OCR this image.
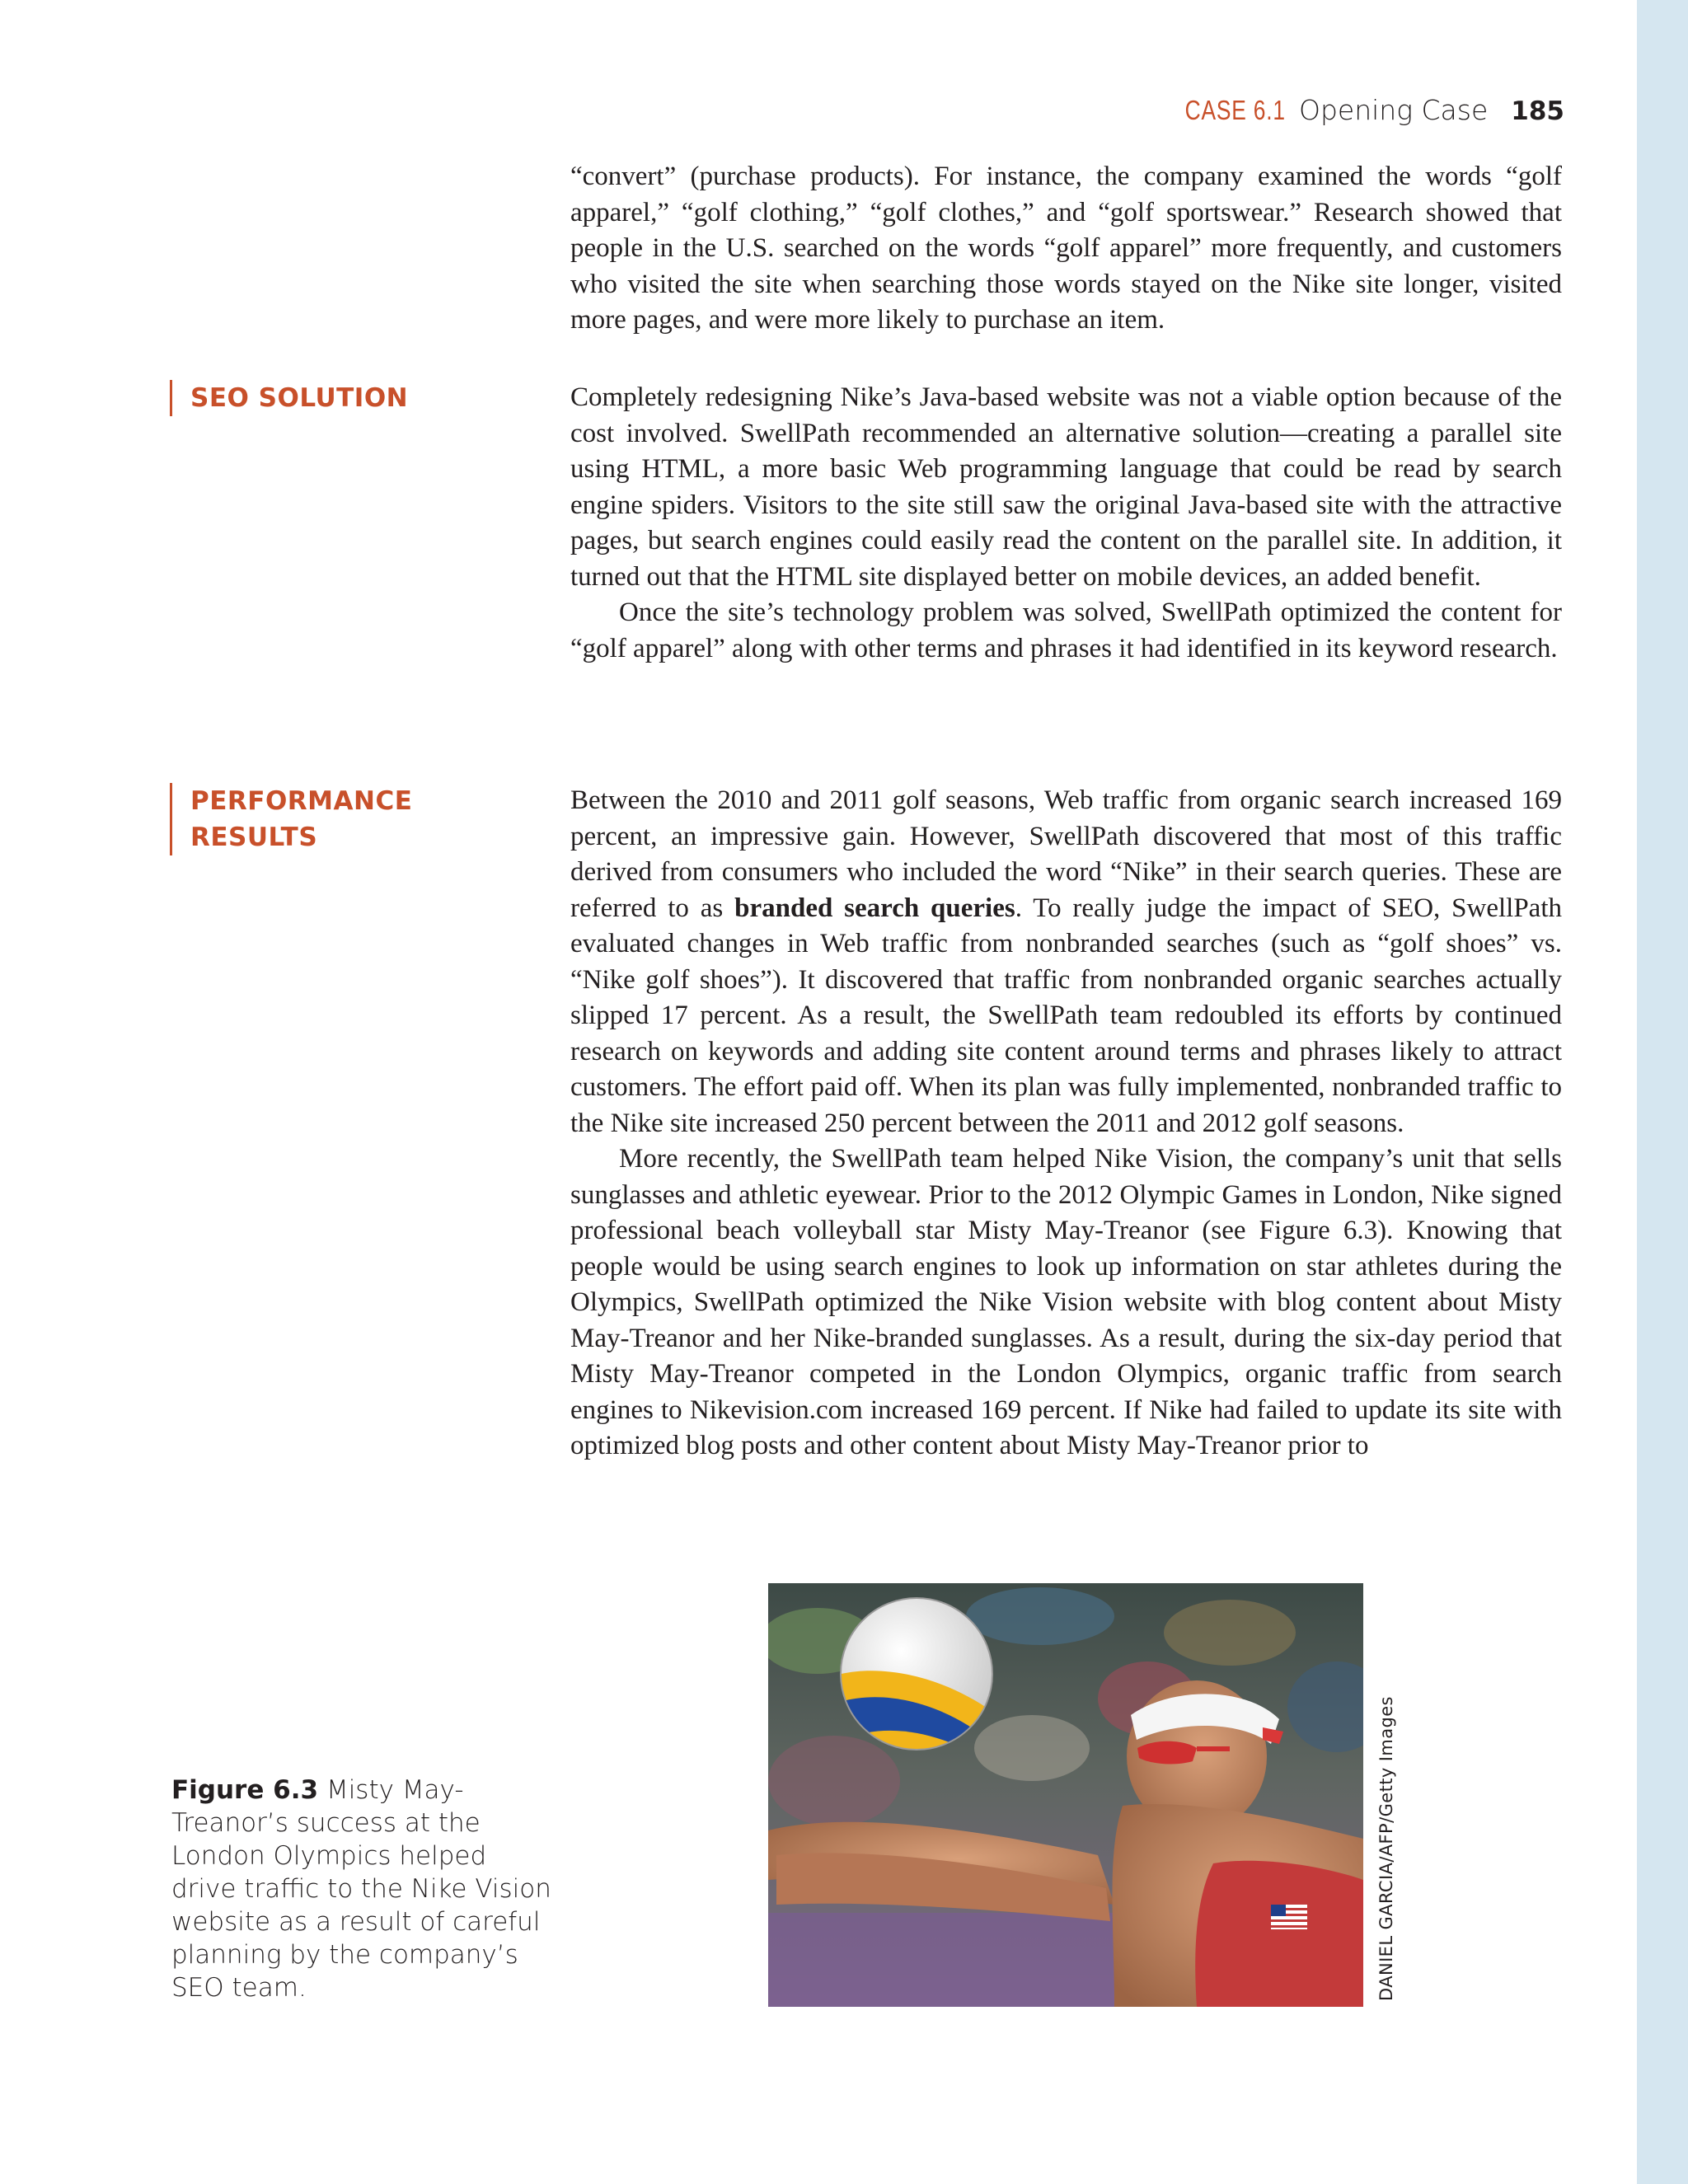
CASE 6.1 Opening Case 185

“convert” (purchase products). For instance, the company examined the words “golf apparel,” “golf clothing,” “golf clothes,” and “golf sportswear.” Research showed that people in the U.S. searched on the words “golf apparel” more frequently, and customers who visited the site when searching those words stayed on the Nike site longer, visited more pages, and were more likely to purchase an item.

SEO SOLUTION	Completely redesigning Nike’s Java-based website was not a viable option because of the cost involved. SwellPath recommended an alternative solution—creating a parallel site using HTML, a more basic Web programming language that could be read by search engine spiders. Visitors to the site still saw the original Java-based site with the attractive pages, but search engines could easily read the content on the parallel site. In addition, it turned out that the HTML site displayed better on mobile devices, an added benefit.

Once the site’s technology problem was solved, SwellPath optimized the content for “golf apparel” along with other terms and phrases it had identified in its keyword research.

PERFORMANCE
RESULTS

Between the 2010 and 2011 golf seasons, Web traffic from organic search increased 169 percent, an impressive gain. However, SwellPath discovered that most of this traffic derived from consumers who included the word “Nike” in their search queries. These are referred to as branded search queries. To really judge the impact of SEO, SwellPath evaluated changes in Web traffic from nonbranded searches (such as “golf shoes” vs. “Nike golf shoes”). It discovered that traffic from nonbranded organic searches actually slipped 17 percent. As a result, the SwellPath team redoubled its efforts by continued research on keywords and adding site content around terms and phrases likely to attract customers. The effort paid off. When its plan was fully implemented, nonbranded traffic to the Nike site increased 250 percent between the 2011 and 2012 golf seasons.

More recently, the SwellPath team helped Nike Vision, the company’s unit that sells sunglasses and athletic eyewear. Prior to the 2012 Olympic Games in London, Nike signed professional beach volleyball star Misty May-Treanor (see Figure 6.3). Knowing that people would be using search engines to look up information on star athletes during the Olympics, SwellPath optimized the Nike Vision website with blog content about Misty May-Treanor and her Nike-branded sunglasses. As a result, during the six-day period that Misty May-Treanor competed in the London Olympics, organic traffic from search engines to Nikevision.com increased 169 percent. If Nike had failed to update its site with optimized blog posts and other content about Misty May-Treanor prior to

Figure 6.3 Misty May-Treanor’s success at the London Olympics helped drive traffic to the Nike Vision website as a result of careful planning by the company’s SEO team.	DANIEL GARCIA/AFP/Getty Images
